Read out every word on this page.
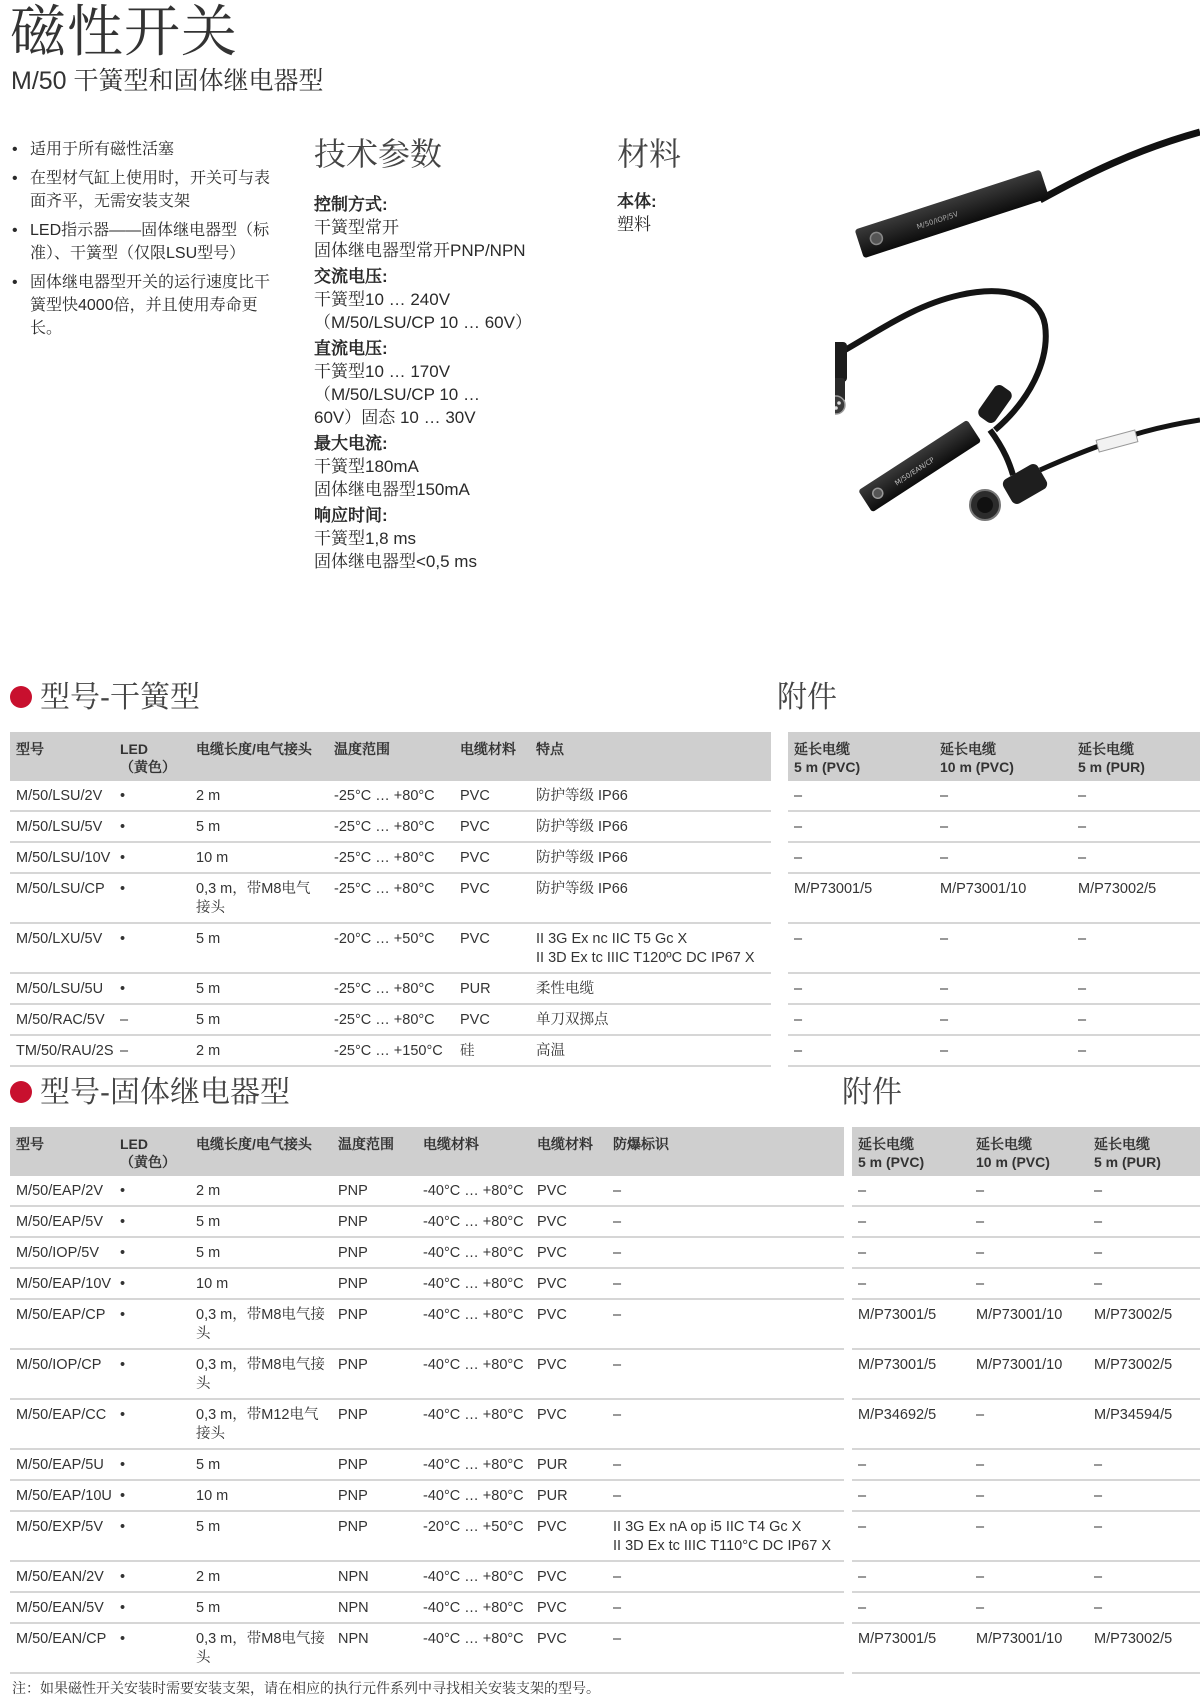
磁性开关
M/50 干簧型和固体继电器型
• 适用于所有磁性活塞
• 在型材气缸上使用时，开关可与表面齐平，无需安装支架
• LED指示器——固体继电器型（标准）、干簧型（仅限LSU型号）
• 固体继电器型开关的运行速度比干簧型快4000倍，并且使用寿命更长。
技术参数
控制方式:
干簧型常开
固体继电器型常开PNP/NPN
交流电压:
干簧型10 … 240V
（M/50/LSU/CP 10 … 60V）
直流电压:
干簧型10 … 170V
（M/50/LSU/CP 10 …
60V）固态 10 … 30V
最大电流:
干簧型180mA
固体继电器型150mA
响应时间:
干簧型1,8 ms
固体继电器型<0,5 ms
材料
本体:
塑料	M/50/IOP/5V
M/50/EAN/CP
型号-干簧型	附件
型号	LED
（黄色）	电缆长度/电气接头	温度范围	电缆材料	特点		延长电缆
5 m (PVC)	延长电缆
10 m (PVC)	延长电缆
5 m (PUR)
M/50/LSU/2V	•	2 m	-25°C … +80°C	PVC	防护等级 IP66		–	–	–
M/50/LSU/5V	•	5 m	-25°C … +80°C	PVC	防护等级 IP66		–	–	–
M/50/LSU/10V	•	10 m	-25°C … +80°C	PVC	防护等级 IP66		–	–	–
M/50/LSU/CP	•	0,3 m，带M8电气接头	-25°C … +80°C	PVC	防护等级 IP66		M/P73001/5	M/P73001/10	M/P73002/5
M/50/LXU/5V	•	5 m	-20°C … +50°C	PVC	II 3G Ex nc IIC T5 Gc X
II 3D Ex tc IIIC T120ºC DC IP67 X		–	–	–
M/50/LSU/5U	•	5 m	-25°C … +80°C	PUR	柔性电缆		–	–	–
M/50/RAC/5V	–	5 m	-25°C … +80°C	PVC	单刀双掷点		–	–	–
TM/50/RAU/2S	–	2 m	-25°C … +150°C	硅	高温		–	–	–
型号-固体继电器型	附件
型号	LED
（黄色）	电缆长度/电气接头	温度范围	电缆材料	电缆材料	防爆标识		延长电缆
5 m (PVC)	延长电缆
10 m (PVC)	延长电缆
5 m (PUR)
M/50/EAP/2V	•	2 m	PNP	-40°C … +80°C	PVC	–		–	–	–
M/50/EAP/5V	•	5 m	PNP	-40°C … +80°C	PVC	–		–	–	–
M/50/IOP/5V	•	5 m	PNP	-40°C … +80°C	PVC	–		–	–	–
M/50/EAP/10V	•	10 m	PNP	-40°C … +80°C	PVC	–		–	–	–
M/50/EAP/CP	•	0,3 m，带M8电气接头	PNP	-40°C … +80°C	PVC	–		M/P73001/5	M/P73001/10	M/P73002/5
M/50/IOP/CP	•	0,3 m，带M8电气接头	PNP	-40°C … +80°C	PVC	–		M/P73001/5	M/P73001/10	M/P73002/5
M/50/EAP/CC	•	0,3 m，带M12电气接头	PNP	-40°C … +80°C	PVC	–		M/P34692/5	–	M/P34594/5
M/50/EAP/5U	•	5 m	PNP	-40°C … +80°C	PUR	–		–	–	–
M/50/EAP/10U	•	10 m	PNP	-40°C … +80°C	PUR	–		–	–	–
M/50/EXP/5V	•	5 m	PNP	-20°C … +50°C	PVC	II 3G Ex nA op i5 IIC T4 Gc X
II 3D Ex tc IIIC T110°C DC IP67 X		–	–	–
M/50/EAN/2V	•	2 m	NPN	-40°C … +80°C	PVC	–		–	–	–
M/50/EAN/5V	•	5 m	NPN	-40°C … +80°C	PVC	–		–	–	–
M/50/EAN/CP	•	0,3 m，带M8电气接头	NPN	-40°C … +80°C	PVC	–		M/P73001/5	M/P73001/10	M/P73002/5
注：如果磁性开关安装时需要安装支架，请在相应的执行元件系列中寻找相关安装支架的型号。
